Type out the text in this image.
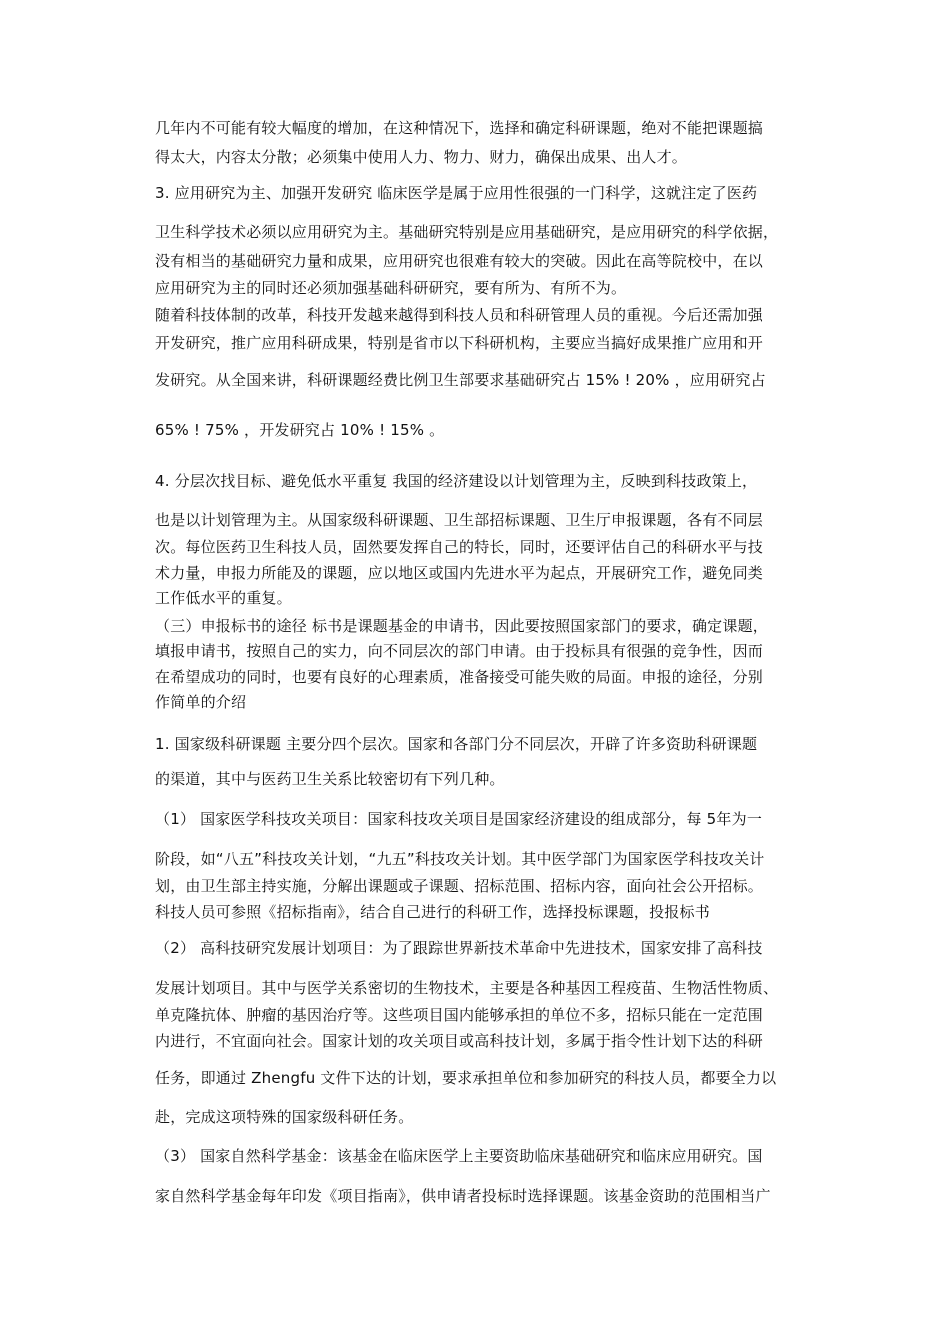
几年内不可能有较大幅度的增加，在这种情况下，选择和确定科研课题，绝对不能把课题搞
得太大，内容太分散；必须集中使用人力、物力、财力，确保出成果、出人才。
3. 应用研究为主、加强开发研究 临床医学是属于应用性很强的一门科学，这就注定了医药
卫生科学技术必须以应用研究为主。基础研究特别是应用基础研究，是应用研究的科学依据，
没有相当的基础研究力量和成果，应用研究也很难有较大的突破。因此在高等院校中，在以
应用研究为主的同时还必须加强基础科研研究，要有所为、有所不为。
随着科技体制的改革，科技开发越来越得到科技人员和科研管理人员的重视。今后还需加强
开发研究，推广应用科研成果，特别是省市以下科研机构，主要应当搞好成果推广应用和开
发研究。从全国来讲，科研课题经费比例卫生部要求基础研究占 15% ! 20% ，应用研究占
65% ! 75% ，开发研究占 10% ! 15% 。
4. 分层次找目标、避免低水平重复 我国的经济建设以计划管理为主，反映到科技政策上，
也是以计划管理为主。从国家级科研课题、卫生部招标课题、卫生厅申报课题，各有不同层
次。每位医药卫生科技人员，固然要发挥自己的特长，同时，还要评估自己的科研水平与技
术力量，申报力所能及的课题，应以地区或国内先进水平为起点，开展研究工作，避免同类
工作低水平的重复。
（三）申报标书的途径 标书是课题基金的申请书，因此要按照国家部门的要求，确定课题，
填报申请书，按照自己的实力，向不同层次的部门申请。由于投标具有很强的竞争性，因而
在希望成功的同时，也要有良好的心理素质，准备接受可能失败的局面。申报的途径，分别
作简单的介绍
1. 国家级科研课题 主要分四个层次。国家和各部门分不同层次，开辟了许多资助科研课题
的渠道，其中与医药卫生关系比较密切有下列几种。
（1） 国家医学科技攻关项目：国家科技攻关项目是国家经济建设的组成部分，每 5年为一
阶段，如“八五”科技攻关计划，“九五”科技攻关计划。其中医学部门为国家医学科技攻关计
划，由卫生部主持实施，分解出课题或子课题、招标范围、招标内容，面向社会公开招标。
科技人员可参照《招标指南》，结合自己进行的科研工作，选择投标课题，投报标书
（2） 高科技研究发展计划项目：为了跟踪世界新技术革命中先进技术，国家安排了高科技
发展计划项目。其中与医学关系密切的生物技术，主要是各种基因工程疫苗、生物活性物质、
单克隆抗体、肿瘤的基因治疗等。这些项目国内能够承担的单位不多，招标只能在一定范围
内进行，不宜面向社会。国家计划的攻关项目或高科技计划，多属于指令性计划下达的科研
任务，即通过 Zhengfu 文件下达的计划，要求承担单位和参加研究的科技人员，都要全力以
赴，完成这项特殊的国家级科研任务。
（3） 国家自然科学基金：该基金在临床医学上主要资助临床基础研究和临床应用研究。国
家自然科学基金每年印发《项目指南》，供申请者投标时选择课题。该基金资助的范围相当广
